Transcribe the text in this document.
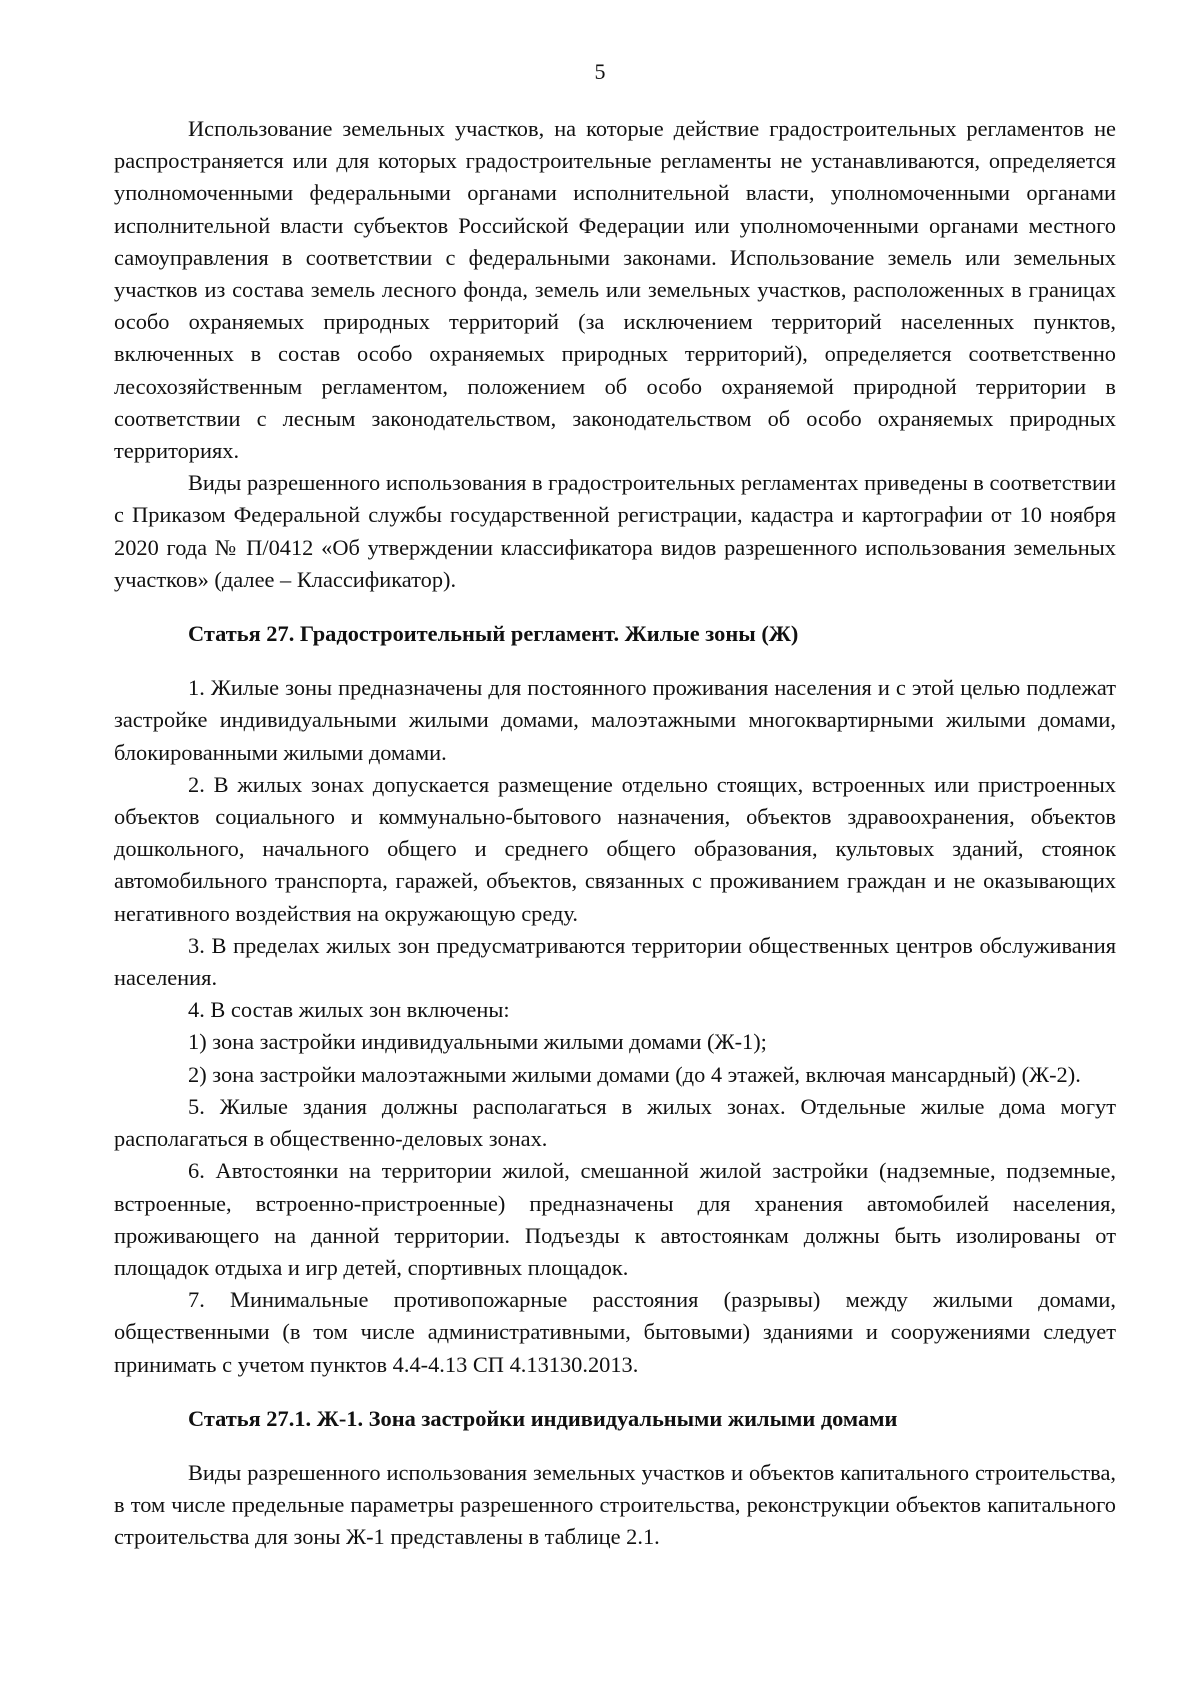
5

Использование земельных участков, на которые действие градостроительных регламентов не распространяется или для которых градостроительные регламенты не устанавливаются, определяется уполномоченными федеральными органами исполнительной власти, уполномоченными органами исполнительной власти субъектов Российской Федерации или уполномоченными органами местного самоуправления в соответствии с федеральными законами. Использование земель или земельных участков из состава земель лесного фонда, земель или земельных участков, расположенных в границах особо охраняемых природных территорий (за исключением территорий населенных пунктов, включенных в состав особо охраняемых природных территорий), определяется соответственно лесохозяйственным регламентом, положением об особо охраняемой природной территории в соответствии с лесным законодательством, законодательством об особо охраняемых природных территориях.

Виды разрешенного использования в градостроительных регламентах приведены в соответствии с Приказом Федеральной службы государственной регистрации, кадастра и картографии от 10 ноября 2020 года № П/0412 «Об утверждении классификатора видов разрешенного использования земельных участков» (далее – Классификатор).

Статья 27. Градостроительный регламент. Жилые зоны (Ж)

1. Жилые зоны предназначены для постоянного проживания населения и с этой целью подлежат застройке индивидуальными жилыми домами, малоэтажными многоквартирными жилыми домами, блокированными жилыми домами.

2. В жилых зонах допускается размещение отдельно стоящих, встроенных или пристроенных объектов социального и коммунально-бытового назначения, объектов здравоохранения, объектов дошкольного, начального общего и среднего общего образования, культовых зданий, стоянок автомобильного транспорта, гаражей, объектов, связанных с проживанием граждан и не оказывающих негативного воздействия на окружающую среду.

3. В пределах жилых зон предусматриваются территории общественных центров обслуживания населения.

4. В состав жилых зон включены:

1) зона застройки индивидуальными жилыми домами (Ж-1);

2) зона застройки малоэтажными жилыми домами (до 4 этажей, включая мансардный) (Ж-2).

5. Жилые здания должны располагаться в жилых зонах. Отдельные жилые дома могут располагаться в общественно-деловых зонах.

6. Автостоянки на территории жилой, смешанной жилой застройки (надземные, подземные, встроенные, встроенно-пристроенные) предназначены для хранения автомобилей населения, проживающего на данной территории. Подъезды к автостоянкам должны быть изолированы от площадок отдыха и игр детей, спортивных площадок.

7. Минимальные противопожарные расстояния (разрывы) между жилыми домами, общественными (в том числе административными, бытовыми) зданиями и сооружениями следует принимать с учетом пунктов 4.4-4.13 СП 4.13130.2013.

Статья 27.1. Ж-1. Зона застройки индивидуальными жилыми домами

Виды разрешенного использования земельных участков и объектов капитального строительства, в том числе предельные параметры разрешенного строительства, реконструкции объектов капитального строительства для зоны Ж-1 представлены в таблице 2.1.
